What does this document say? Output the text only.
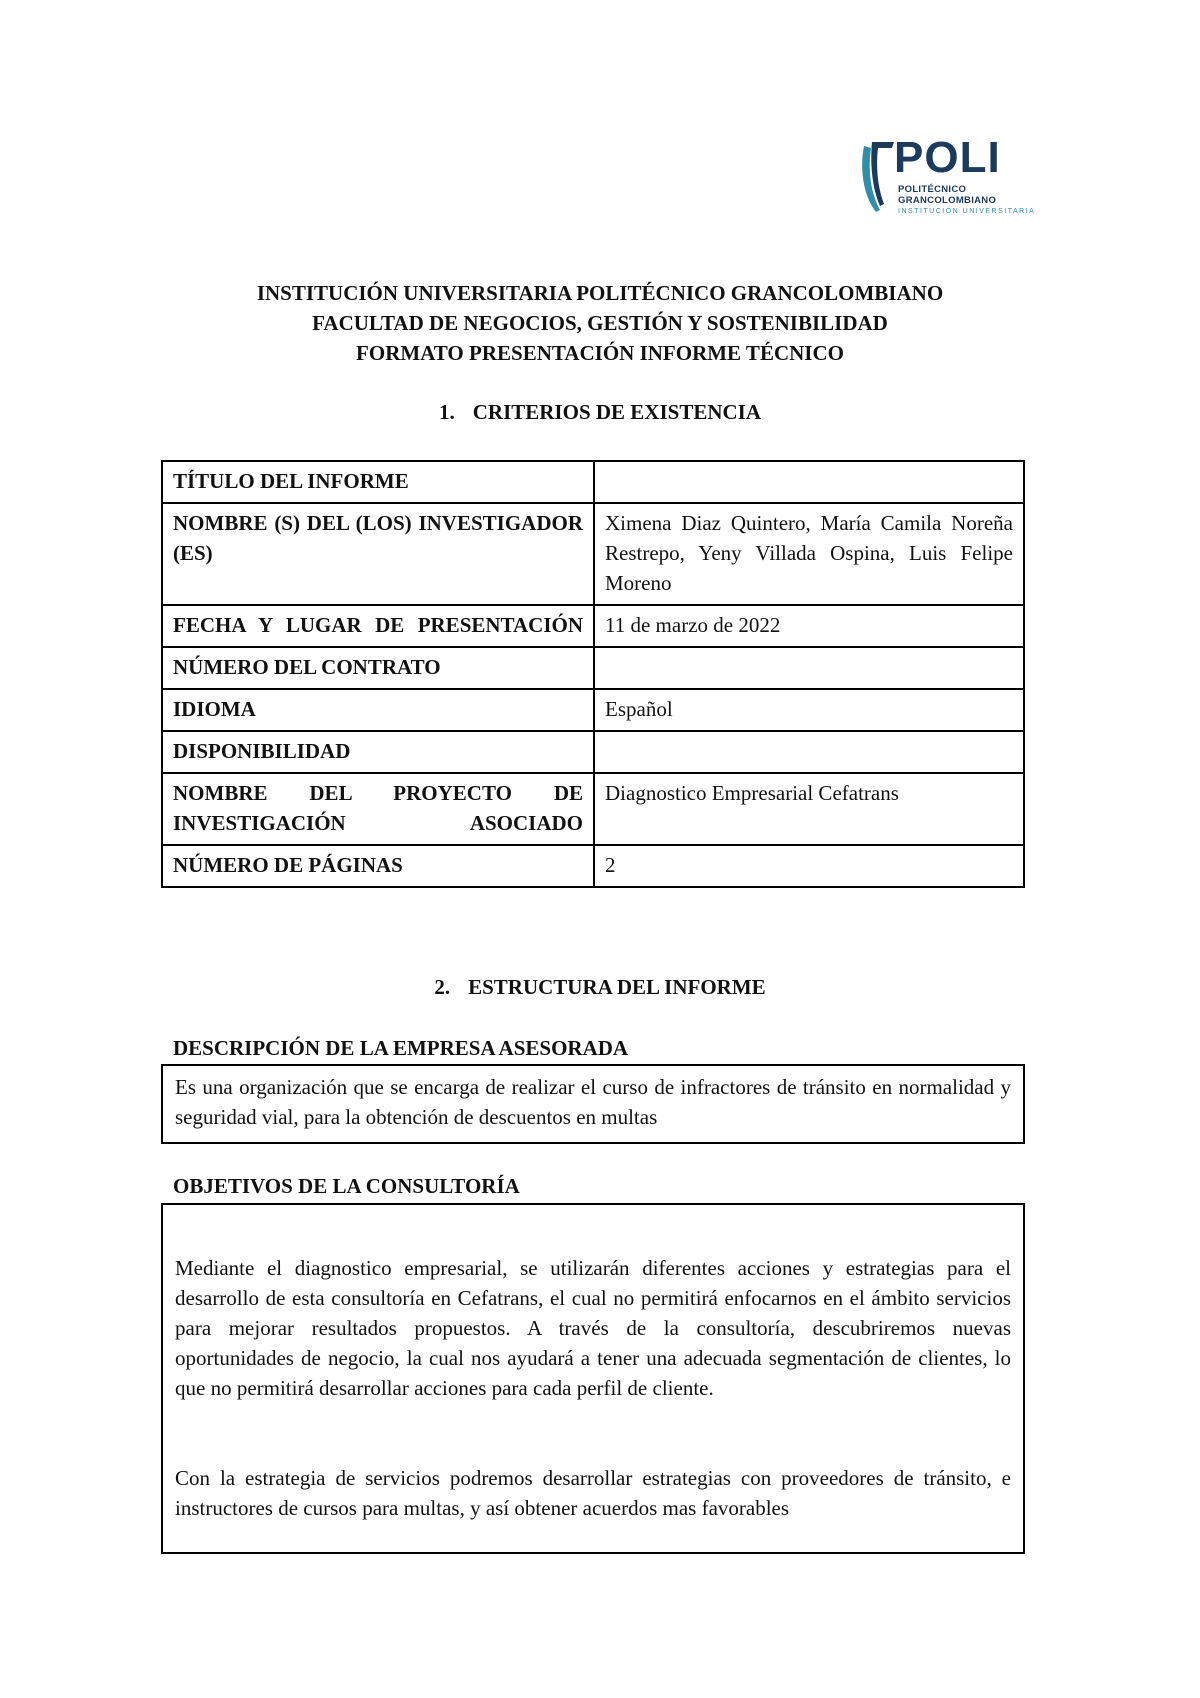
POLI
POLITÉCNICO
GRANCOLOMBIANO
INSTITUCIÓN UNIVERSITARIA
INSTITUCIÓN UNIVERSITARIA POLITÉCNICO GRANCOLOMBIANO
FACULTAD DE NEGOCIOS, GESTIÓN Y SOSTENIBILIDAD
FORMATO PRESENTACIÓN INFORME TÉCNICO
1. CRITERIOS DE EXISTENCIA
TÍTULO DEL INFORME	
NOMBRE (S) DEL (LOS) INVESTIGADOR (ES)	Ximena Diaz Quintero, María Camila Noreña Restrepo, Yeny Villada Ospina, Luis Felipe Moreno
FECHA Y LUGAR DE PRESENTACIÓN	11 de marzo de 2022
NÚMERO DEL CONTRATO	
IDIOMA	Español
DISPONIBILIDAD	
NOMBRE DEL PROYECTO DE INVESTIGACIÓN ASOCIADO	Diagnostico Empresarial Cefatrans
NÚMERO DE PÁGINAS	2
2. ESTRUCTURA DEL INFORME
DESCRIPCIÓN DE LA EMPRESA ASESORADA
Es una organización que se encarga de realizar el curso de infractores de tránsito en normalidad y seguridad vial, para la obtención de descuentos en multas
OBJETIVOS DE LA CONSULTORÍA

Mediante el diagnostico empresarial, se utilizarán diferentes acciones y estrategias para el desarrollo de esta consultoría en Cefatrans, el cual no permitirá enfocarnos en el ámbito servicios para mejorar resultados propuestos. A través de la consultoría, descubriremos nuevas oportunidades de negocio, la cual nos ayudará a tener una adecuada segmentación de clientes, lo que no permitirá desarrollar acciones para cada perfil de cliente.

Con la estrategia de servicios podremos desarrollar estrategias con proveedores de tránsito, e instructores de cursos para multas, y así obtener acuerdos mas favorables
